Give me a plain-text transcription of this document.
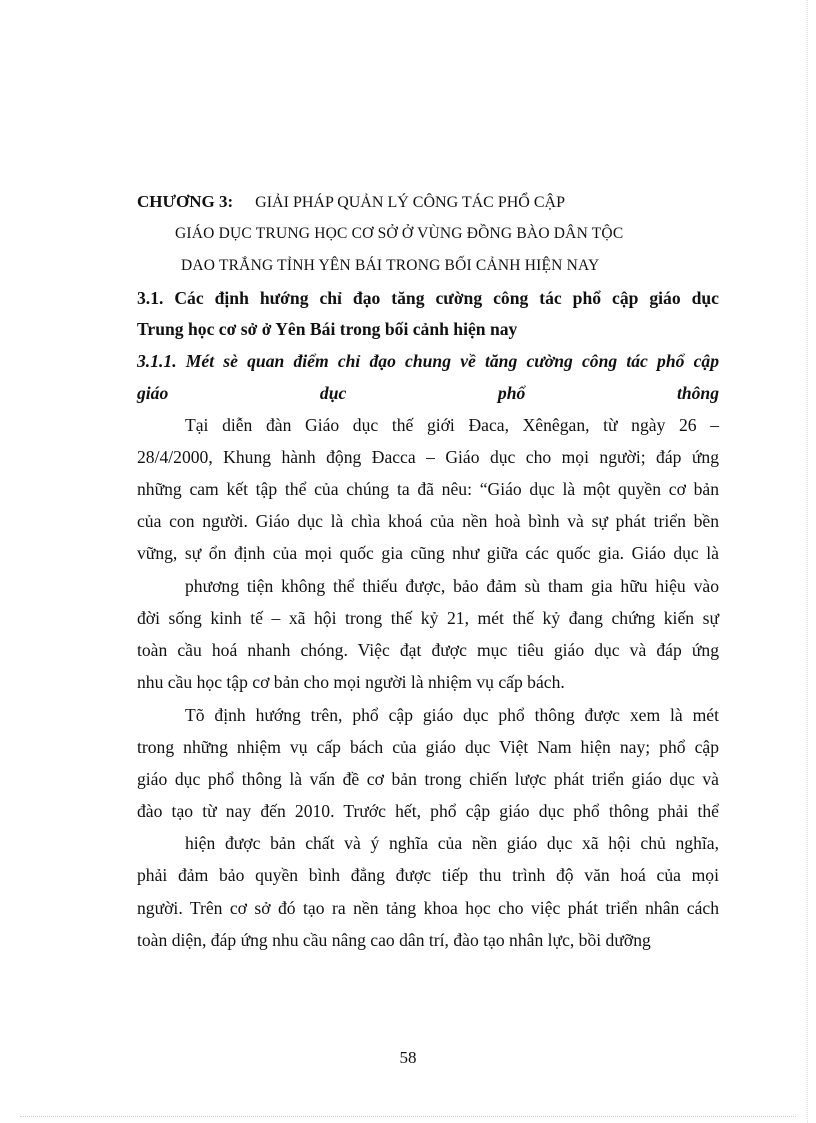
CHƯƠNG 3: GIẢI PHÁP QUẢN LÝ CÔNG TÁC PHỔ CẬP
GIÁO DỤC TRUNG HỌC CƠ SỞ Ở VÙNG ĐỒNG BÀO DÂN TỘC
DAO TRẮNG TỈNH YÊN BÁI TRONG BỐI CẢNH HIỆN NAY
3.1. Các định hướng chỉ đạo tăng cường công tác phổ cập giáo dục
Trung học cơ sở ở Yên Bái trong bối cảnh hiện nay
3.1.1. Mét sè quan điểm chỉ đạo chung về tăng cường công tác phổ cập
giáo dục phổ thông
Tại diễn đàn Giáo dục thế giới Đaca, Xênêgan, từ ngày 26 –
28/4/2000, Khung hành động Đacca – Giáo dục cho mọi người; đáp ứng
những cam kết tập thể của chúng ta đã nêu: “Giáo dục là một quyền cơ bản
của con người. Giáo dục là chìa khoá của nền hoà bình và sự phát triển bền
vững, sự ổn định của mọi quốc gia cũng như giữa các quốc gia. Giáo dục là
phương tiện không thể thiếu được, bảo đảm sù tham gia hữu hiệu vào
đời sống kinh tế – xã hội trong thế kỷ 21, mét thế kỷ đang chứng kiến sự
toàn cầu hoá nhanh chóng. Việc đạt được mục tiêu giáo dục và đáp ứng
nhu cầu học tập cơ bản cho mọi người là nhiệm vụ cấp bách.
Tõ định hướng trên, phổ cập giáo dục phổ thông được xem là mét
trong những nhiệm vụ cấp bách của giáo dục Việt Nam hiện nay; phổ cập
giáo dục phổ thông là vấn đề cơ bản trong chiến lược phát triển giáo dục và
đào tạo từ nay đến 2010. Trước hết, phổ cập giáo dục phổ thông phải thể
hiện được bản chất và ý nghĩa của nền giáo dục xã hội chủ nghĩa,
phải đảm bảo quyền bình đẳng được tiếp thu trình độ văn hoá của mọi
người. Trên cơ sở đó tạo ra nền tảng khoa học cho việc phát triển nhân cách
toàn diện, đáp ứng nhu cầu nâng cao dân trí, đào tạo nhân lực, bồi dưỡng
58
